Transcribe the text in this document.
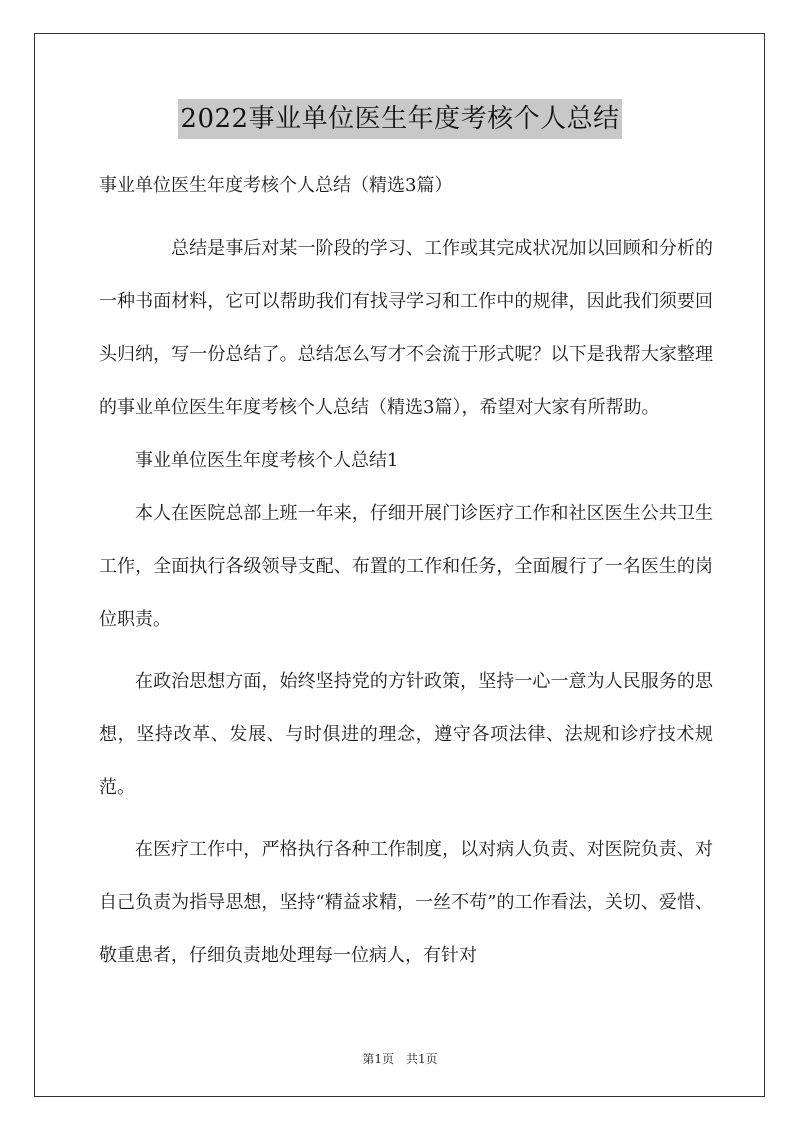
2022事业单位医生年度考核个人总结

事业单位医生年度考核个人总结（精选3篇）

总结是事后对某一阶段的学习、工作或其完成状况加以回顾和分析的一种书面材料，它可以帮助我们有找寻学习和工作中的规律，因此我们须要回头归纳，写一份总结了。总结怎么写才不会流于形式呢？以下是我帮大家整理的事业单位医生年度考核个人总结（精选3篇），希望对大家有所帮助。

事业单位医生年度考核个人总结1

本人在医院总部上班一年来，仔细开展门诊医疗工作和社区医生公共卫生工作，全面执行各级领导支配、布置的工作和任务，全面履行了一名医生的岗位职责。

在政治思想方面，始终坚持党的方针政策，坚持一心一意为人民服务的思想，坚持改革、发展、与时俱进的理念，遵守各项法律、法规和诊疗技术规范。

在医疗工作中，严格执行各种工作制度，以对病人负责、对医院负责、对自己负责为指导思想，坚持“精益求精，一丝不苟”的工作看法，关切、爱惜、敬重患者，仔细负责地处理每一位病人，有针对

第1页　共1页
